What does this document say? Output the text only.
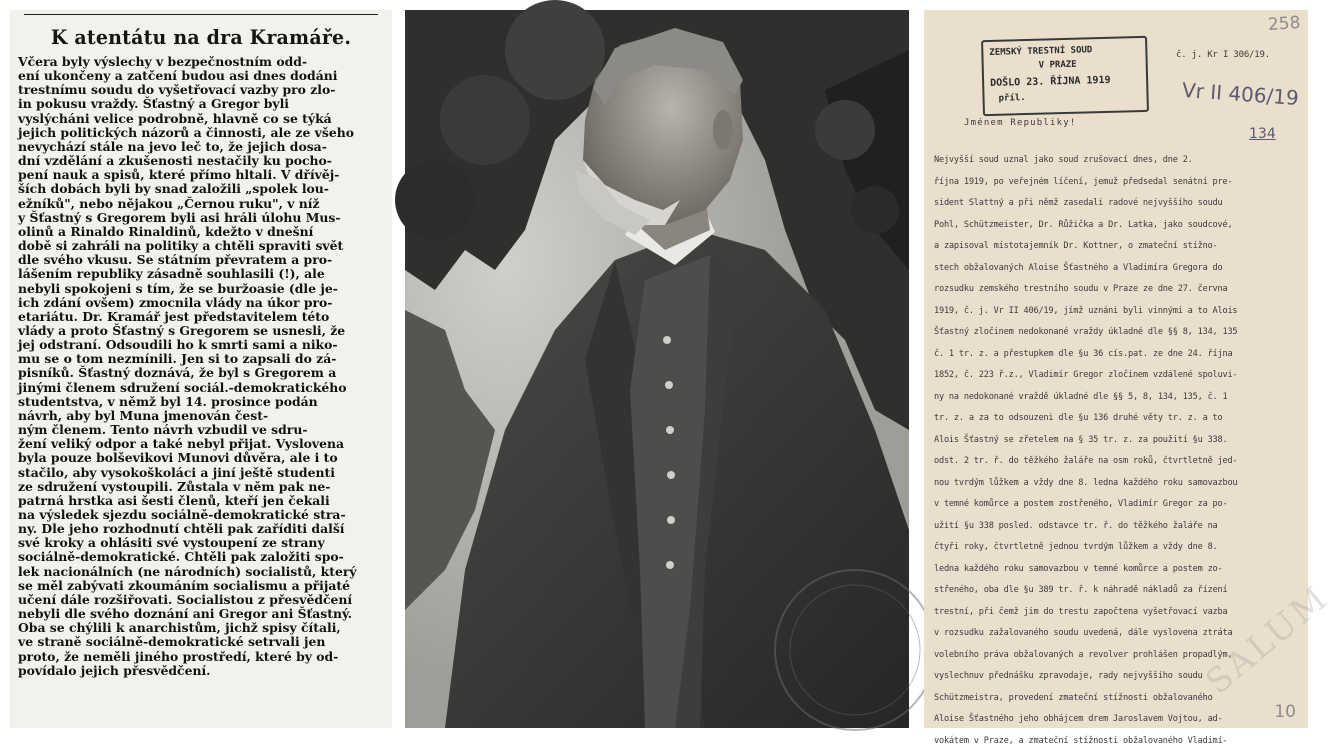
K atentátu na dra Kramáře.
Včera byly výslechy v bezpečnostním odd-
ení ukončeny a zatčení budou asi dnes dodáni
trestnímu soudu do vyšetřovací vazby pro zlo-
in pokusu vraždy. Šťastný a Gregor byli
vyslýcháni velice podrobně, hlavně co se týká
jejich politických názorů a činnosti, ale ze všeho
nevychází stále na jevo leč to, že jejich dosa-
dní vzdělání a zkušenosti nestačily ku pocho-
pení nauk a spisů, které přímo hltali. V dřívěj-
ších dobách byli by snad založili „spolek lou-
ežníků", nebo nějakou „Černou ruku", v níž
y Šťastný s Gregorem byli asi hráli úlohu Mus-
olinů a Rinaldo Rinaldinů, kdežto v dnešní
době si zahráli na politiky a chtěli spraviti svět
dle svého vkusu. Se státním převratem a pro-
lášením republiky zásadně souhlasili (!), ale
nebyli spokojeni s tím, že se buržoasie (dle je-
ich zdání ovšem) zmocnila vlády na úkor pro-
etariátu. Dr. Kramář jest představitelem této
vlády a proto Šťastný s Gregorem se usnesli, že
jej odstraní. Odsoudili ho k smrti sami a niko-
mu se o tom nezmínili. Jen si to zapsali do zá-
pisníků. Šťastný doznává, že byl s Gregorem a
jinými členem sdružení sociál.-demokratického
studentstva, v němž byl 14. prosince podán
návrh, aby byl Muna jmenován čest-
ným členem. Tento návrh vzbudil ve sdru-
žení veliký odpor a také nebyl přijat. Vyslovena
byla pouze bolševikovi Munovi důvěra, ale i to
stačilo, aby vysokoškoláci a jiní ještě studenti
ze sdružení vystoupili. Zůstala v něm pak ne-
patrná hrstka asi šesti členů, kteří jen čekali
na výsledek sjezdu sociálně-demokratické stra-
ny. Dle jeho rozhodnutí chtěli pak zaříditi další
své kroky a ohlásiti své vystoupení ze strany
sociálně-demokratické. Chtěli pak založiti spo-
lek nacionálních (ne národních) socialistů, který
se měl zabývati zkoumáním socialismu a přijaté
učení dále rozšiřovati. Socialistou z přesvědčení
nebyli dle svého doznání ani Gregor ani Šťastný.
Oba se chýlili k anarchistům, jichž spisy čítali,
ve straně sociálně-demokratické setrvali jen
proto, že neměli jiného prostředí, které by od-
povídalo jejich přesvědčení.
258
ZEMSKÝ TRESTNÍ SOUD
V PRAZE
DOŠLO 23. ŘÍJNA 1919
příl.
č. j. Kr I 306/19.
Vr II 406/19
134
Jménem Republiky!
Nejvyšší soud uznal jako soud zrušovací dnes, dne 2.
října 1919, po veřejném líčení, jemuž předsedal senátní pre-
sident Slattný a při němž zasedali radové nejvyššího soudu
Pohl, Schützmeister, Dr. Růžička a Dr. Latka, jako soudcové,
a zapisoval místotajemník Dr. Kottner, o zmateční stížno-
stech obžalovaných Aloise Šťastného a Vladimíra Gregora do
rozsudku zemského trestního soudu v Praze ze dne 27. června
1919, č. j. Vr II 406/19, jímž uznáni byli vinnými a to Alois
Šťastný zločinem nedokonané vraždy úkladné dle §§ 8, 134, 135
č. 1 tr. z. a přestupkem dle §u 36 cís.pat. ze dne 24. října
1852, č. 223 ř.z., Vladimír Gregor zločinem vzdálené spoluvi-
ny na nedokonané vraždě úkladné dle §§ 5, 8, 134, 135, č. 1
tr. z. a za to odsouzeni dle §u 136 druhé věty tr. z. a to
Alois Šťastný se zřetelem na § 35 tr. z. za použití §u 338.
odst. 2 tr. ř. do těžkého žaláře na osm roků, čtvrtletně jed-
nou tvrdým lůžkem a vždy dne 8. ledna každého roku samovazbou
v temné komůrce a postem zostřeného, Vladimír Gregor za po-
užití §u 338 posled. odstavce tr. ř. do těžkého žaláře na
čtyři roky, čtvrtletně jednou tvrdým lůžkem a vždy dne 8.
ledna každého roku samovazbou v temné komůrce a postem zo-
střeného, oba dle §u 389 tr. ř. k náhradě nákladů za řízení
trestní, při čemž jim do trestu započtena vyšetřovací vazba
v rozsudku zažalovaného soudu uvedená, dále vyslovena ztráta
volebního práva obžalovaných a revolver prohlášen propadlým,
vyslechnuv přednášku zpravodaje, rady nejvyššího soudu
Schützmeistra, provedení zmateční stížnosti obžalovaného
Aloise Šťastného jeho obhájcem drem Jaroslavem Vojtou, ad-
vokátem v Praze, a zmateční stížnosti obžalovaného Vladimí-
SALUM
10
